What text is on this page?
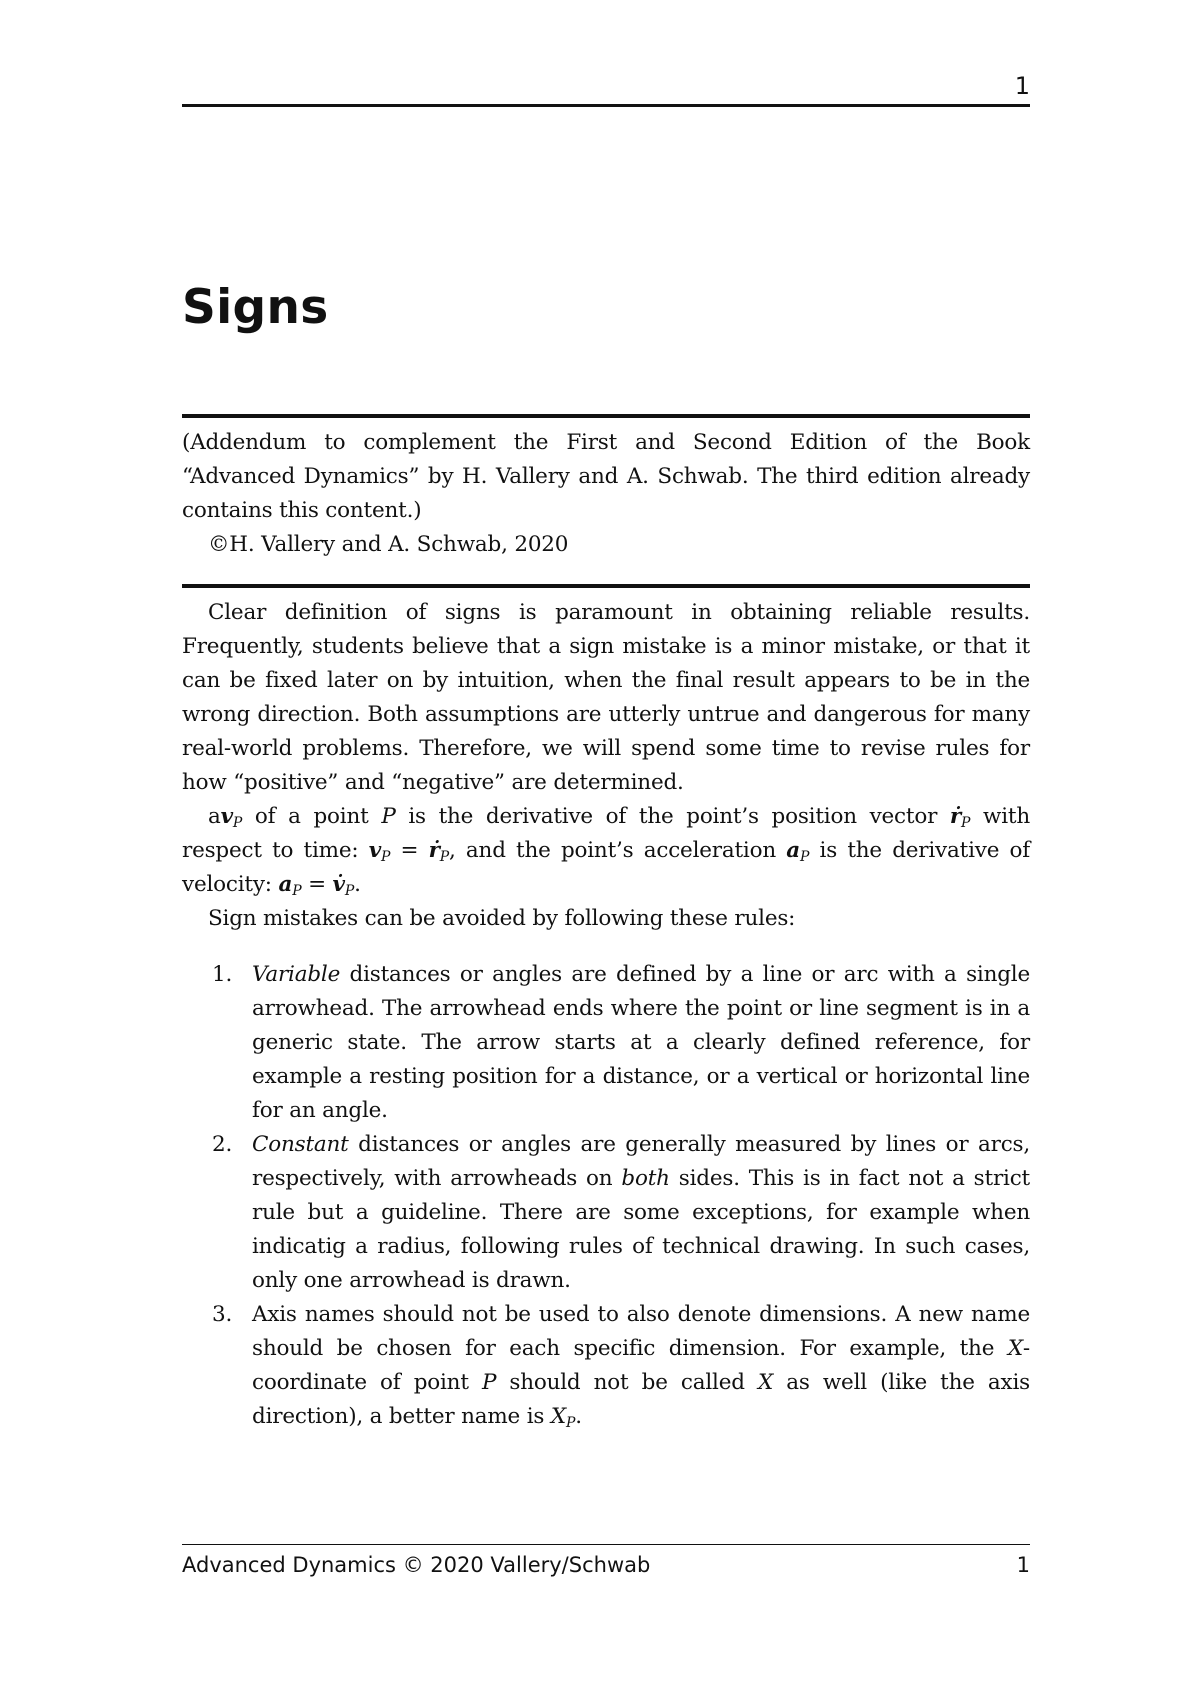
1
Signs

(Addendum to complement the First and Second Edition of the Book “Advanced Dynamics” by H. Vallery and A. Schwab. The third edition already contains this content.)

©H. Vallery and A. Schwab, 2020

Clear definition of signs is paramount in obtaining reliable results. Frequently, students believe that a sign mistake is a minor mistake, or that it can be fixed later on by intuition, when the final result appears to be in the wrong direction. Both assumptions are utterly untrue and dangerous for many real-world problems. Therefore, we will spend some time to revise rules for how “positive” and “negative” are determined.

$av_P$ of a point P is the derivative of the point’s position vector ṙ$_P$ with respect to time: $v_P$ = ṙ$_P$, and the point’s acceleration $a_P$ is the derivative of velocity: $a_P$ = $v̇_P$.

Sign mistakes can be avoided by following these rules:

1. Variable distances or angles are defined by a line or arc with a single arrowhead. The arrowhead ends where the point or line segment is in a generic state. The arrow starts at a clearly defined reference, for example a resting position for a distance, or a vertical or horizontal line for an angle.
2. Constant distances or angles are generally measured by lines or arcs, respectively, with arrowheads on both sides. This is in fact not a strict rule but a guideline. There are some exceptions, for example when indicatig a radius, following rules of technical drawing. In such cases, only one arrowhead is drawn.
3. Axis names should not be used to also denote dimensions. A new name should be chosen for each specific dimension. For example, the X-coordinate of point P should not be called X as well (like the axis direction), a better name is $X_P$.
Advanced Dynamics © 2020 Vallery/Schwab	1
